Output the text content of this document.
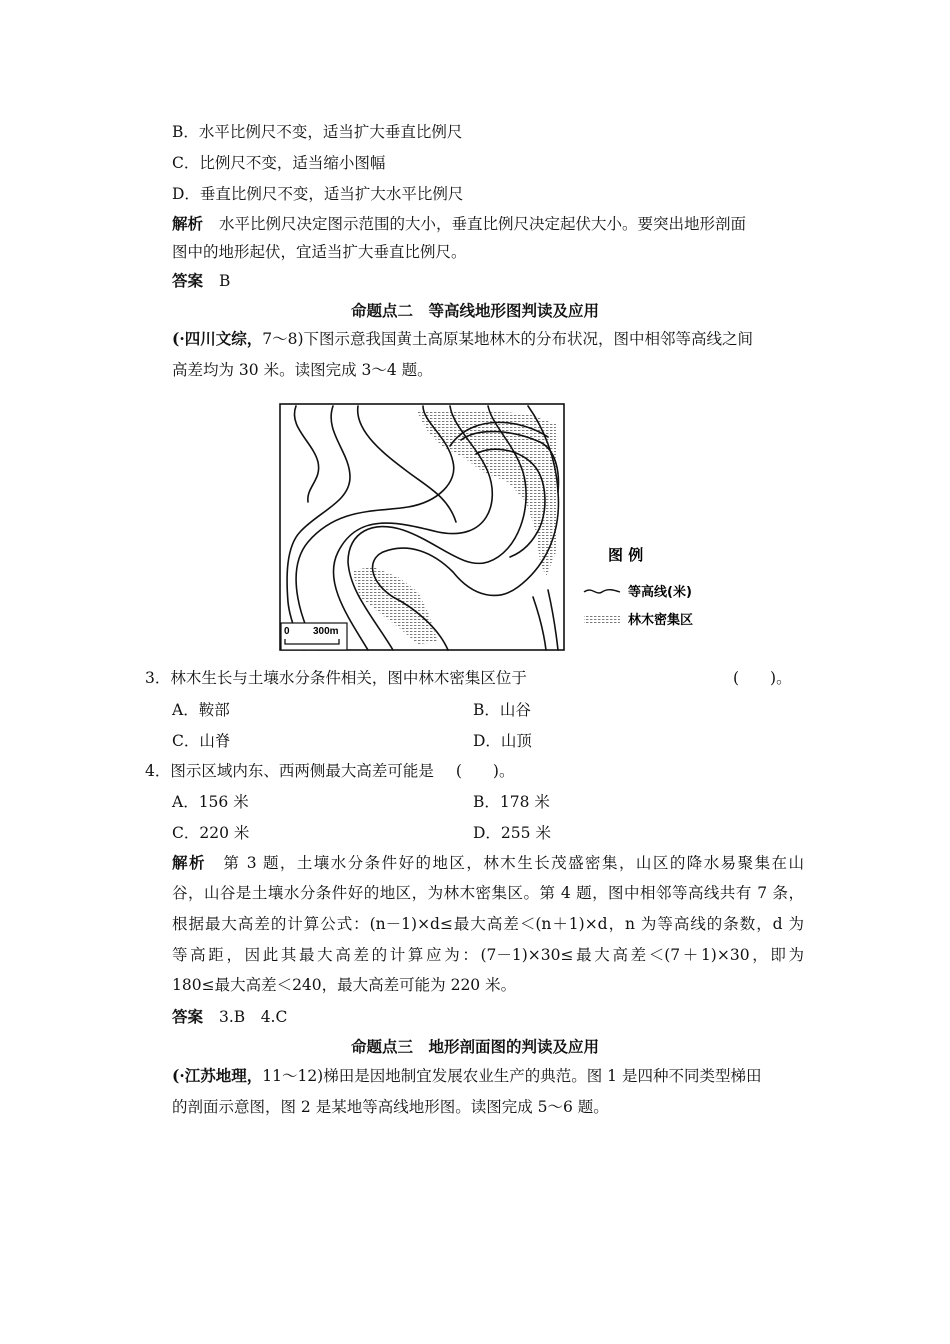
B．水平比例尺不变，适当扩大垂直比例尺
C．比例尺不变，适当缩小图幅
D．垂直比例尺不变，适当扩大水平比例尺
解析 水平比例尺决定图示范围的大小，垂直比例尺决定起伏大小。要突出地形剖面
图中的地形起伏，宜适当扩大垂直比例尺。
答案 B
命题点二　等高线地形图判读及应用
(·四川文综，7～8)下图示意我国黄土高原某地林木的分布状况，图中相邻等高线之间
高差均为 30 米。读图完成 3～4 题。
0 300m
图 例
等高线(米)
林木密集区
3．林木生长与土壤水分条件相关，图中林木密集区位于	(　　)。
A．鞍部	B．山谷
C．山脊	D．山顶
4．图示区域内东、西两侧最大高差可能是 (　　)。
A．156 米	B．178 米
C．220 米	D．255 米
解析 第 3 题，土壤水分条件好的地区，林木生长茂盛密集，山区的降水易聚集在山
谷，山谷是土壤水分条件好的地区，为林木密集区。第 4 题，图中相邻等高线共有 7 条，
根据最大高差的计算公式：(n－1)×d≤最大高差＜(n＋1)×d，n 为等高线的条数，d 为
等高距，因此其最大高差的计算应为：(7－1)×30≤最大高差＜(7＋1)×30，即为
180≤最大高差＜240，最大高差可能为 220 米。
答案 3.B　4.C
命题点三　地形剖面图的判读及应用
(·江苏地理，11～12)梯田是因地制宜发展农业生产的典范。图 1 是四种不同类型梯田
的剖面示意图，图 2 是某地等高线地形图。读图完成 5～6 题。
